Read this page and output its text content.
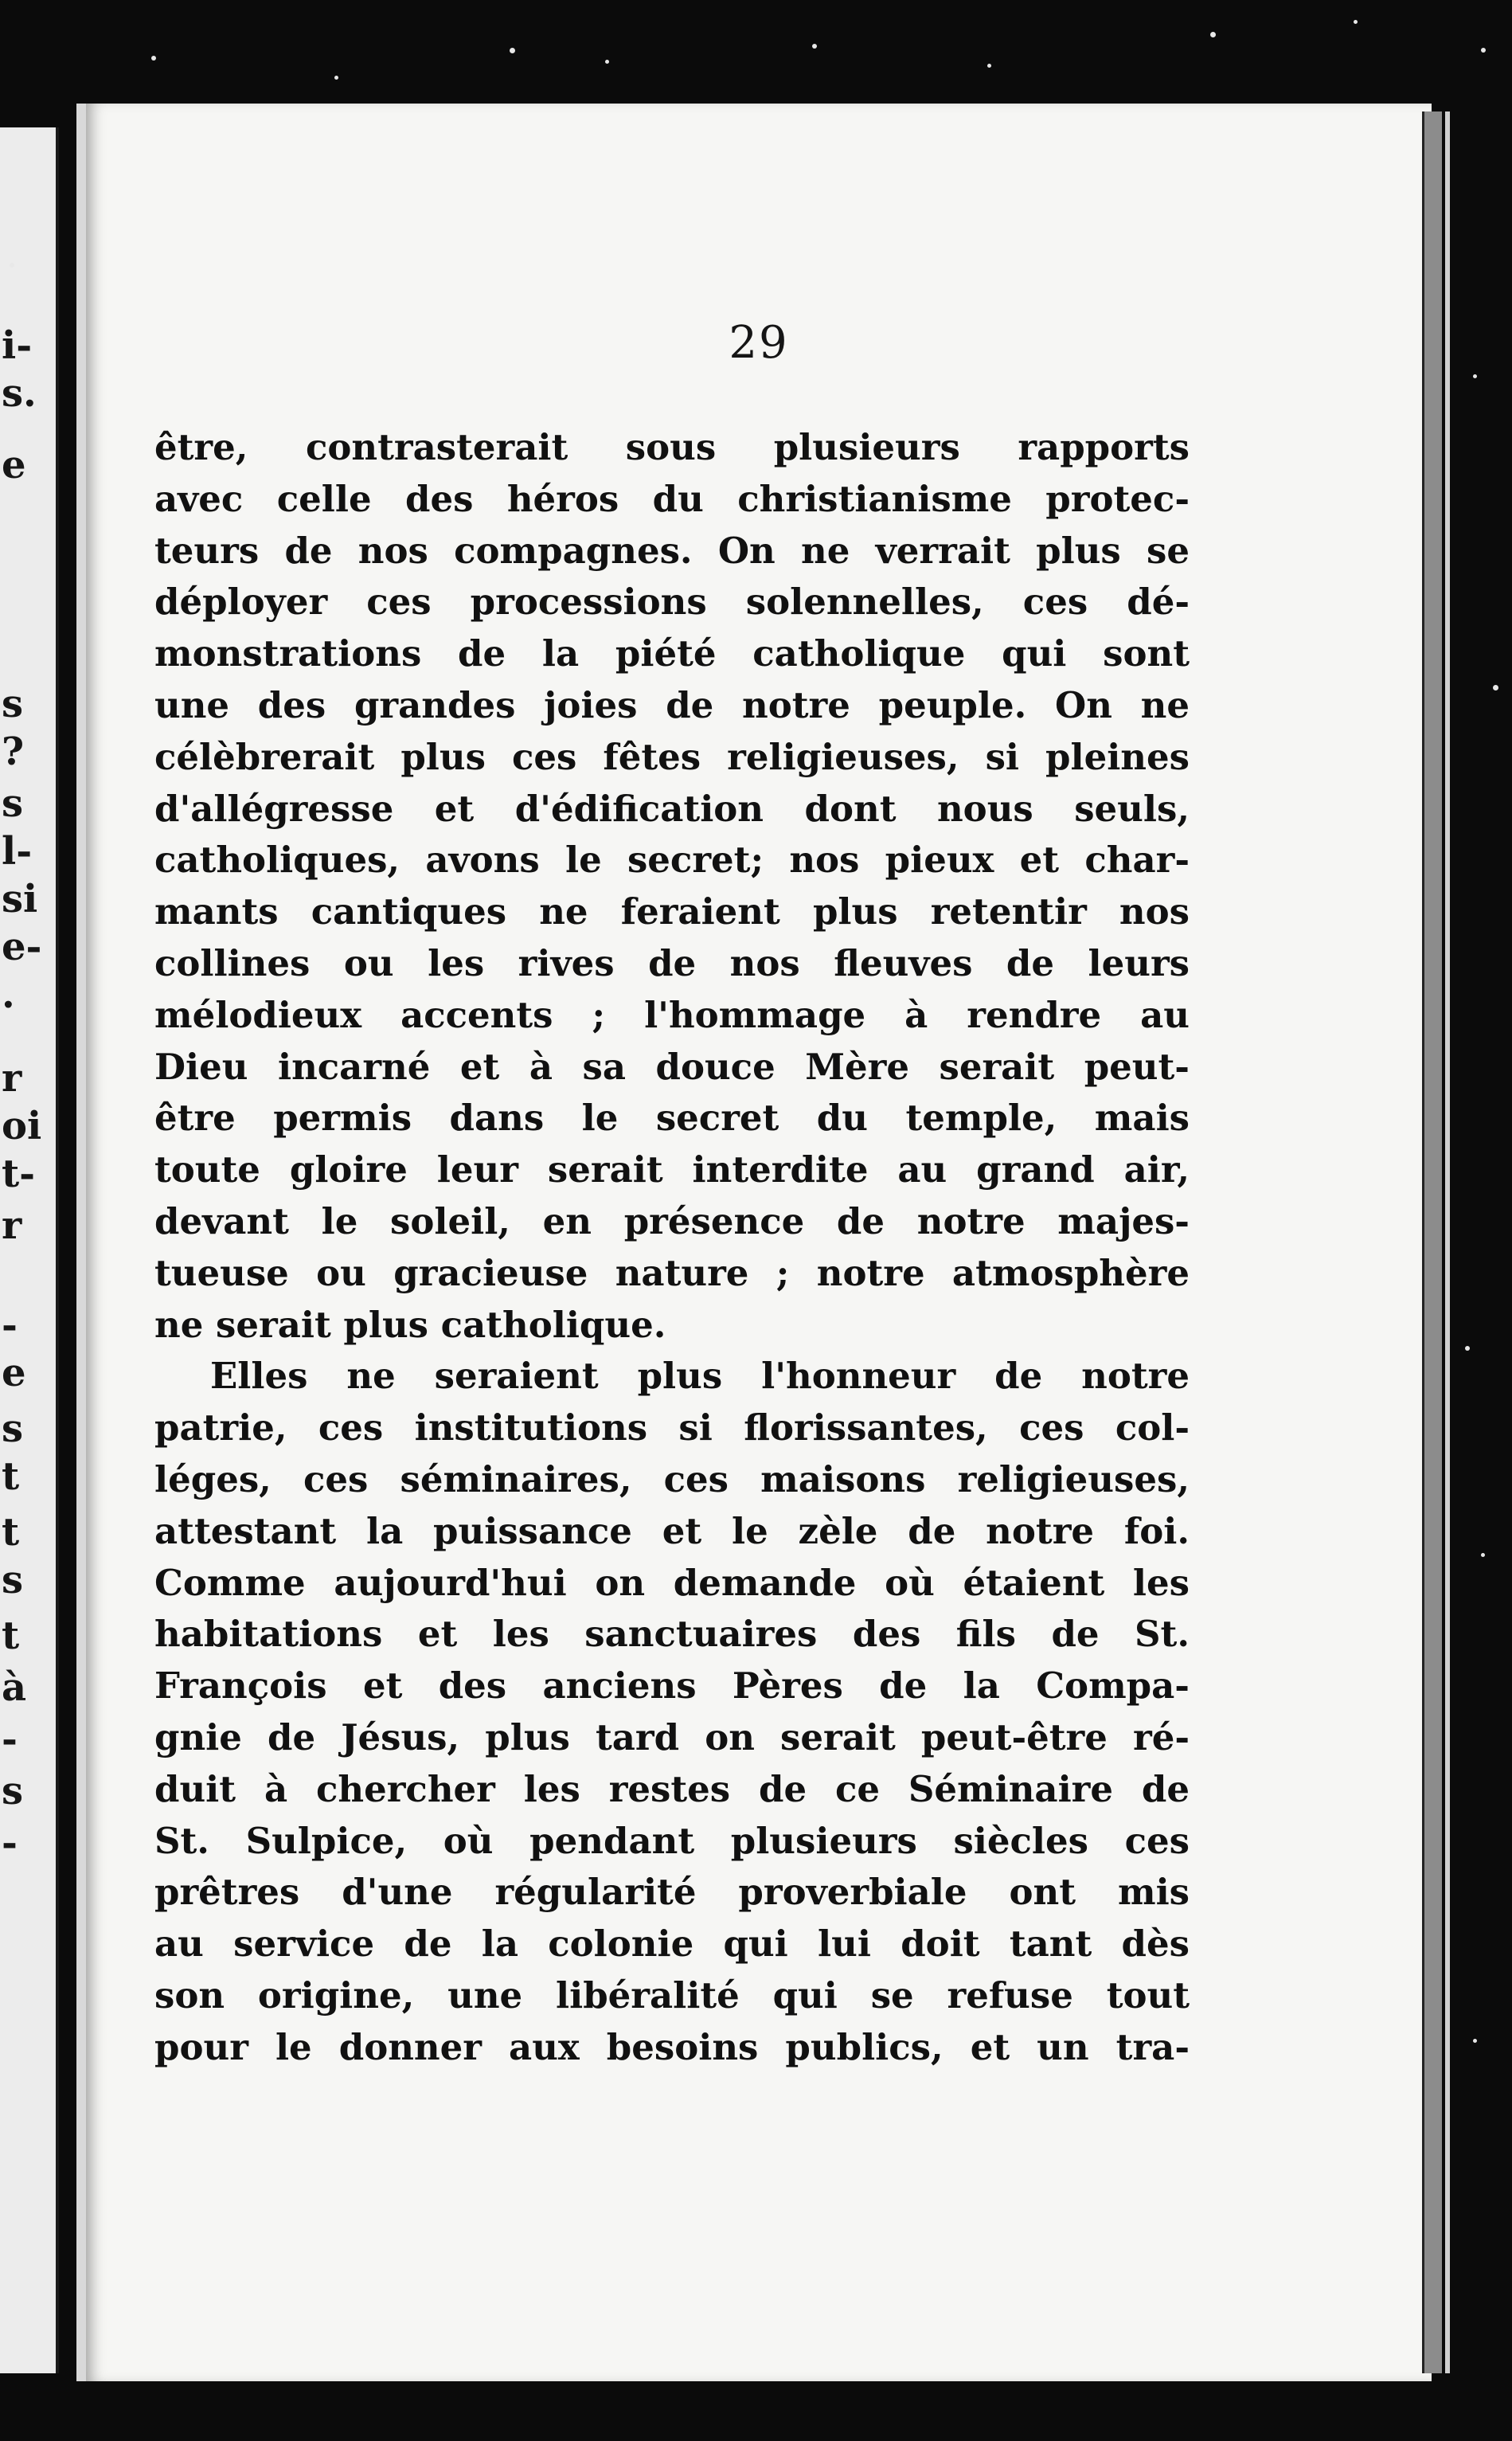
i-
s.
e
s
?
s
l-
si
e-
.
r
oi
t-
r
-
e
s
t
t
s
t
à
-
s
-
29
être, contrasterait sous plusieurs rapports
avec celle des héros du christianisme protec-
teurs de nos compagnes. On ne verrait plus se
déployer ces processions solennelles, ces dé-
monstrations de la piété catholique qui sont
une des grandes joies de notre peuple. On ne
célèbrerait plus ces fêtes religieuses, si pleines
d'allégresse et d'édification dont nous seuls,
catholiques, avons le secret; nos pieux et char-
mants cantiques ne feraient plus retentir nos
collines ou les rives de nos fleuves de leurs
mélodieux accents ; l'hommage à rendre au
Dieu incarné et à sa douce Mère serait peut-
être permis dans le secret du temple, mais
toute gloire leur serait interdite au grand air,
devant le soleil, en présence de notre majes-
tueuse ou gracieuse nature ; notre atmosphère
ne serait plus catholique.
Elles ne seraient plus l'honneur de notre
patrie, ces institutions si florissantes, ces col-
léges, ces séminaires, ces maisons religieuses,
attestant la puissance et le zèle de notre foi.
Comme aujourd'hui on demande où étaient les
habitations et les sanctuaires des fils de St.
François et des anciens Pères de la Compa-
gnie de Jésus, plus tard on serait peut-être ré-
duit à chercher les restes de ce Séminaire de
St. Sulpice, où pendant plusieurs siècles ces
prêtres d'une régularité proverbiale ont mis
au service de la colonie qui lui doit tant dès
son origine, une libéralité qui se refuse tout
pour le donner aux besoins publics, et un tra-
